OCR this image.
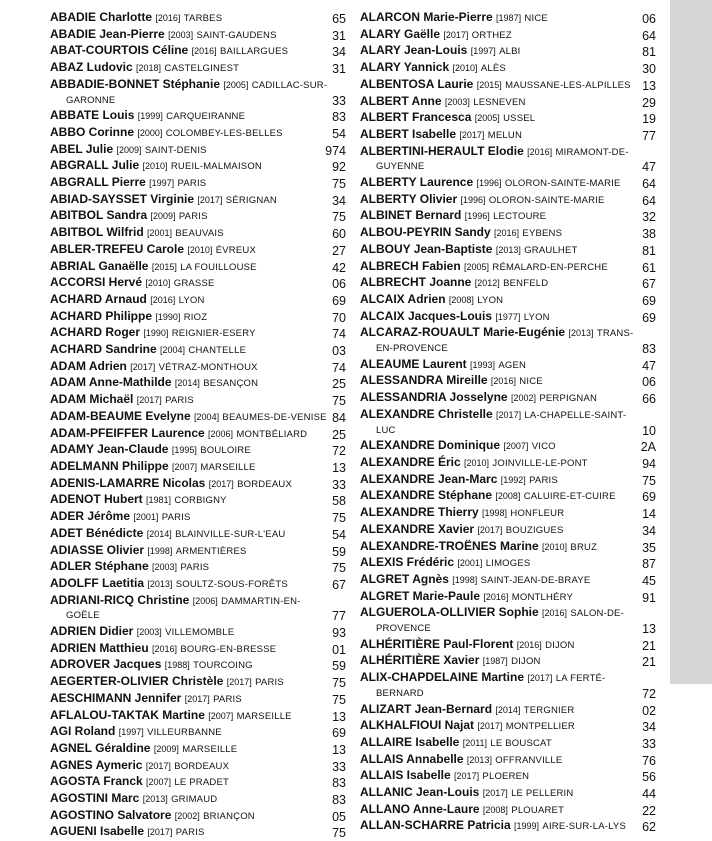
ABADIE Charlotte [2016] TARBES	65
ABADIE Jean-Pierre [2003] SAINT-GAUDENS	31
ABAT-COURTOIS Céline [2016] BAILLARGUES	34
ABAZ Ludovic [2018] CASTELGINEST	31
ABBADIE-BONNET Stéphanie [2005] CADILLAC-SUR-
GARONNE	33
ABBATE Louis [1999] CARQUEIRANNE	83
ABBO Corinne [2000] COLOMBEY-LES-BELLES	54
ABEL Julie [2009] SAINT-DENIS	974
ABGRALL Julie [2010] RUEIL-MALMAISON	92
ABGRALL Pierre [1997] PARIS	75
ABIAD-SAYSSET Virginie [2017] SÉRIGNAN	34
ABITBOL Sandra [2009] PARIS	75
ABITBOL Wilfrid [2001] BEAUVAIS	60
ABLER-TREFEU Carole [2010] ÉVREUX	27
ABRIAL Ganaëlle [2015] LA FOUILLOUSE	42
ACCORSI Hervé [2010] GRASSE	06
ACHARD Arnaud [2016] LYON	69
ACHARD Philippe [1990] RIOZ	70
ACHARD Roger [1990] REIGNIER-ESERY	74
ACHARD Sandrine [2004] CHANTELLE	03
ADAM Adrien [2017] VÉTRAZ-MONTHOUX	74
ADAM Anne-Mathilde [2014] BESANÇON	25
ADAM Michaël [2017] PARIS	75
ADAM-BEAUME Evelyne [2004] BEAUMES-DE-VENISE 84
ADAM-PFEIFFER Laurence [2006] MONTBÉLIARD	25
ADAMY Jean-Claude [1995] BOULOIRE	72
ADELMANN Philippe [2007] MARSEILLE	13
ADENIS-LAMARRE Nicolas [2017] BORDEAUX	33
ADENOT Hubert [1981] CORBIGNY	58
ADER Jérôme [2001] PARIS	75
ADET Bénédicte [2014] BLAINVILLE-SUR-L'EAU	54
ADIASSE Olivier [1998] ARMENTIÈRES	59
ADLER Stéphane [2003] PARIS	75
ADOLFF Laetitia [2013] SOULTZ-SOUS-FORÊTS	67
ADRIANI-RICQ Christine [2006] DAMMARTIN-EN-
GOËLE	77
ADRIEN Didier [2003] VILLEMOMBLE	93
ADRIEN Matthieu [2016] BOURG-EN-BRESSE	01
ADROVER Jacques [1988] TOURCOING	59
AEGERTER-OLIVIER Christèle [2017] PARIS	75
AESCHIMANN Jennifer [2017] PARIS	75
AFLALOU-TAKTAK Martine [2007] MARSEILLE	13
AGI Roland [1997] VILLEURBANNE	69
AGNEL Géraldine [2009] MARSEILLE	13
AGNES Aymeric [2017] BORDEAUX	33
AGOSTA Franck [2007] LE PRADET	83
AGOSTINI Marc [2013] GRIMAUD	83
AGOSTINO Salvatore [2002] BRIANÇON	05
AGUENI Isabelle [2017] PARIS	75
ALARCON Marie-Pierre [1987] NICE	06
ALARY Gaëlle [2017] ORTHEZ	64
ALARY Jean-Louis [1997] ALBI	81
ALARY Yannick [2010] ALÈS	30
ALBENTOSA Laurie [2015] MAUSSANE-LES-ALPILLES 13
ALBERT Anne [2003] LESNEVEN	29
ALBERT Francesca [2005] USSEL	19
ALBERT Isabelle [2017] MELUN	77
ALBERTINI-HERAULT Elodie [2016] MIRAMONT-DE-
GUYENNE	47
ALBERTY Laurence [1996] OLORON-SAINTE-MARIE	64
ALBERTY Olivier [1996] OLORON-SAINTE-MARIE	64
ALBINET Bernard [1996] LECTOURE	32
ALBOU-PEYRIN Sandy [2016] EYBENS	38
ALBOUY Jean-Baptiste [2013] GRAULHET	81
ALBRECH Fabien [2005] RÉMALARD-EN-PERCHE	61
ALBRECHT Joanne [2012] BENFELD	67
ALCAIX Adrien [2008] LYON	69
ALCAIX Jacques-Louis [1977] LYON	69
ALCARAZ-ROUAULT Marie-Eugénie [2013] TRANS-
EN-PROVENCE	83
ALEAUME Laurent [1993] AGEN	47
ALESSANDRA Mireille [2016] NICE	06
ALESSANDRIA Josselyne [2002] PERPIGNAN	66
ALEXANDRE Christelle [2017] LA-CHAPELLE-SAINT-
LUC	10
ALEXANDRE Dominique [2007] VICO	2A
ALEXANDRE Éric [2010] JOINVILLE-LE-PONT	94
ALEXANDRE Jean-Marc [1992] PARIS	75
ALEXANDRE Stéphane [2008] CALUIRE-ET-CUIRE	69
ALEXANDRE Thierry [1998] HONFLEUR	14
ALEXANDRE Xavier [2017] BOUZIGUES	34
ALEXANDRE-TROËNES Marine [2010] BRUZ	35
ALEXIS Frédéric [2001] LIMOGES	87
ALGRET Agnès [1998] SAINT-JEAN-DE-BRAYE	45
ALGRET Marie-Paule [2016] MONTLHÉRY	91
ALGUEROLA-OLLIVIER Sophie [2016] SALON-DE-
PROVENCE	13
ALHÉRITIÈRE Paul-Florent [2016] DIJON	21
ALHÉRITIÈRE Xavier [1987] DIJON	21
ALIX-CHAPDELAINE Martine [2017] LA FERTÉ-
BERNARD	72
ALIZART Jean-Bernard [2014] TERGNIER	02
ALKHALFIOUI Najat [2017] MONTPELLIER	34
ALLAIRE Isabelle [2011] LE BOUSCAT	33
ALLAIS Annabelle [2013] OFFRANVILLE	76
ALLAIS Isabelle [2017] PLOEREN	56
ALLANIC Jean-Louis [2017] LE PELLERIN	44
ALLANO Anne-Laure [2008] PLOUARET	22
ALLAN-SCHARRE Patricia [1999] AIRE-SUR-LA-LYS	62
